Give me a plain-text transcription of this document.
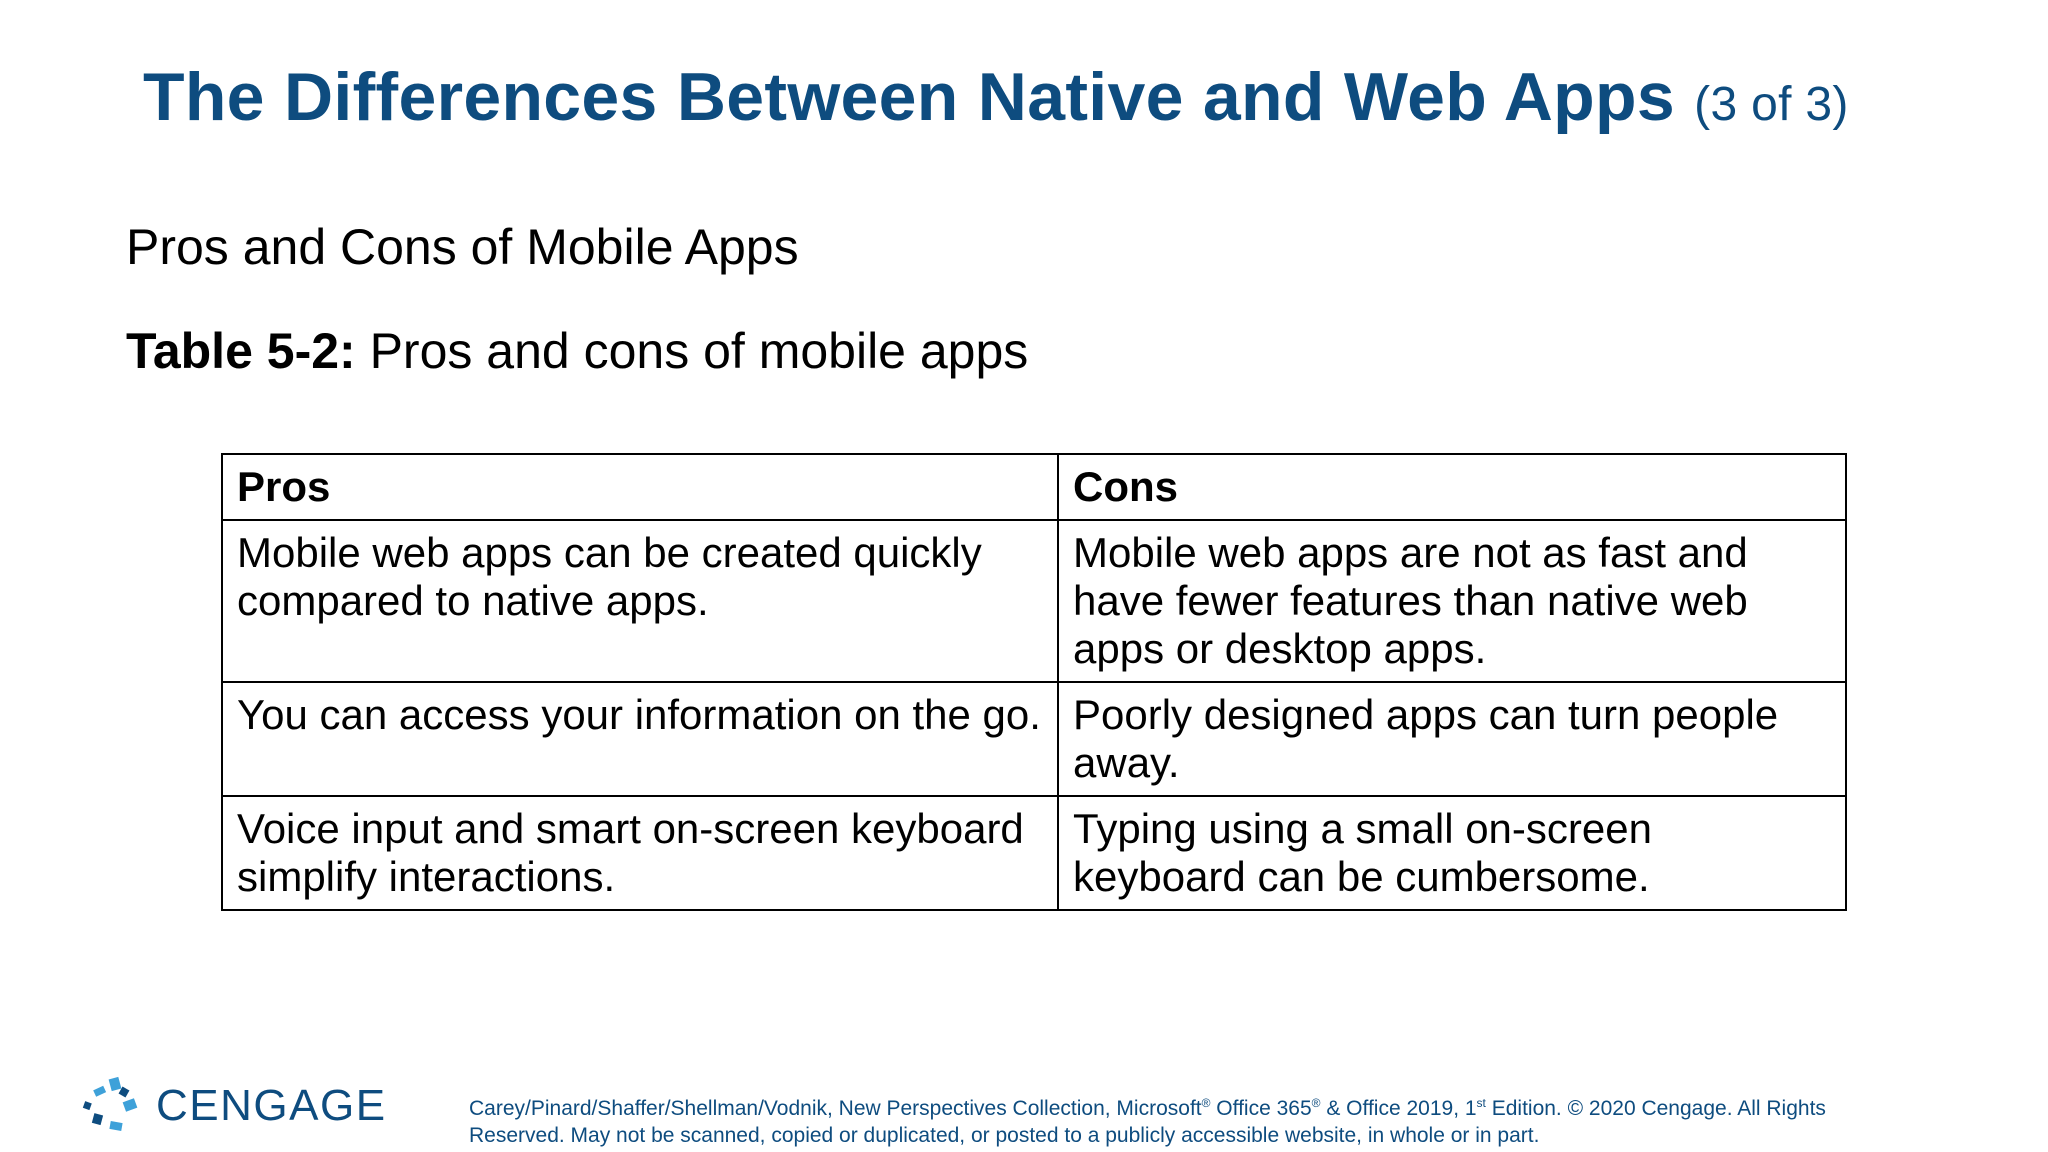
The Differences Between Native and Web Apps (3 of 3)
Pros and Cons of Mobile Apps
Table 5-2: Pros and cons of mobile apps
Pros	Cons
Mobile web apps can be created quickly compared to native apps.	Mobile web apps are not as fast and have fewer features than native web apps or desktop apps.
You can access your information on the go.	Poorly designed apps can turn people away.
Voice input and smart on-screen keyboard simplify interactions.	Typing using a small on-screen keyboard can be cumbersome.
CENGAGE	Carey/Pinard/Shaffer/Shellman/Vodnik, New Perspectives Collection, Microsoft® Office 365® & Office 2019, 1st Edition. © 2020 Cengage. All Rights Reserved. May not be scanned, copied or duplicated, or posted to a publicly accessible website, in whole or in part.
